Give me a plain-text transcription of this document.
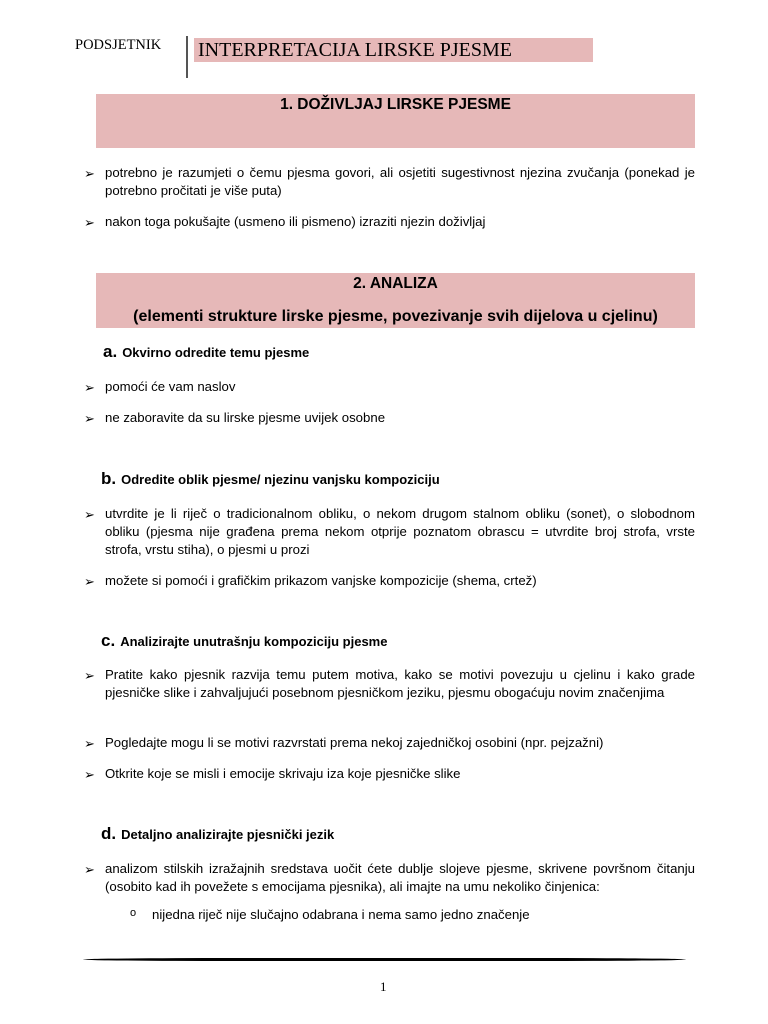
PODSJETNIK INTERPRETACIJA LIRSKE PJESME
1. DOŽIVLJAJ LIRSKE PJESME
➢ potrebno je razumjeti o čemu pjesma govori, ali osjetiti sugestivnost njezina zvučanja (ponekad je potrebno pročitati je više puta)
➢ nakon toga pokušajte (usmeno ili pismeno) izraziti njezin doživljaj
2. ANALIZA
(elementi strukture lirske pjesme, povezivanje svih dijelova u cjelinu)
a. Okvirno odredite temu pjesme
➢ pomoći će vam naslov
➢ ne zaboravite da su lirske pjesme uvijek osobne
b. Odredite oblik pjesme/ njezinu vanjsku kompoziciju
➢ utvrdite je li riječ o tradicionalnom obliku, o nekom drugom stalnom obliku (sonet), o slobodnom obliku (pjesma nije građena prema nekom otprije poznatom obrascu = utvrdite broj strofa, vrste strofa, vrstu stiha), o pjesmi u prozi
➢ možete si pomoći i grafičkim prikazom vanjske kompozicije (shema, crtež)
c. Analizirajte unutrašnju kompoziciju pjesme
➢ Pratite kako pjesnik razvija temu putem motiva, kako se motivi povezuju u cjelinu i kako grade pjesničke slike i zahvaljujući posebnom pjesničkom jeziku, pjesmu obogaćuju novim značenjima
➢ Pogledajte mogu li se motivi razvrstati prema nekoj zajedničkoj osobini (npr. pejzažni)
➢ Otkrite koje se misli i emocije skrivaju iza koje pjesničke slike
d. Detaljno analizirajte pjesnički jezik
➢ analizom stilskih izražajnih sredstava uočit ćete dublje slojeve pjesme, skrivene površnom čitanju (osobito kad ih povežete s emocijama pjesnika), ali imajte na umu nekoliko činjenica:
o nijedna riječ nije slučajno odabrana i nema samo jedno značenje
1
